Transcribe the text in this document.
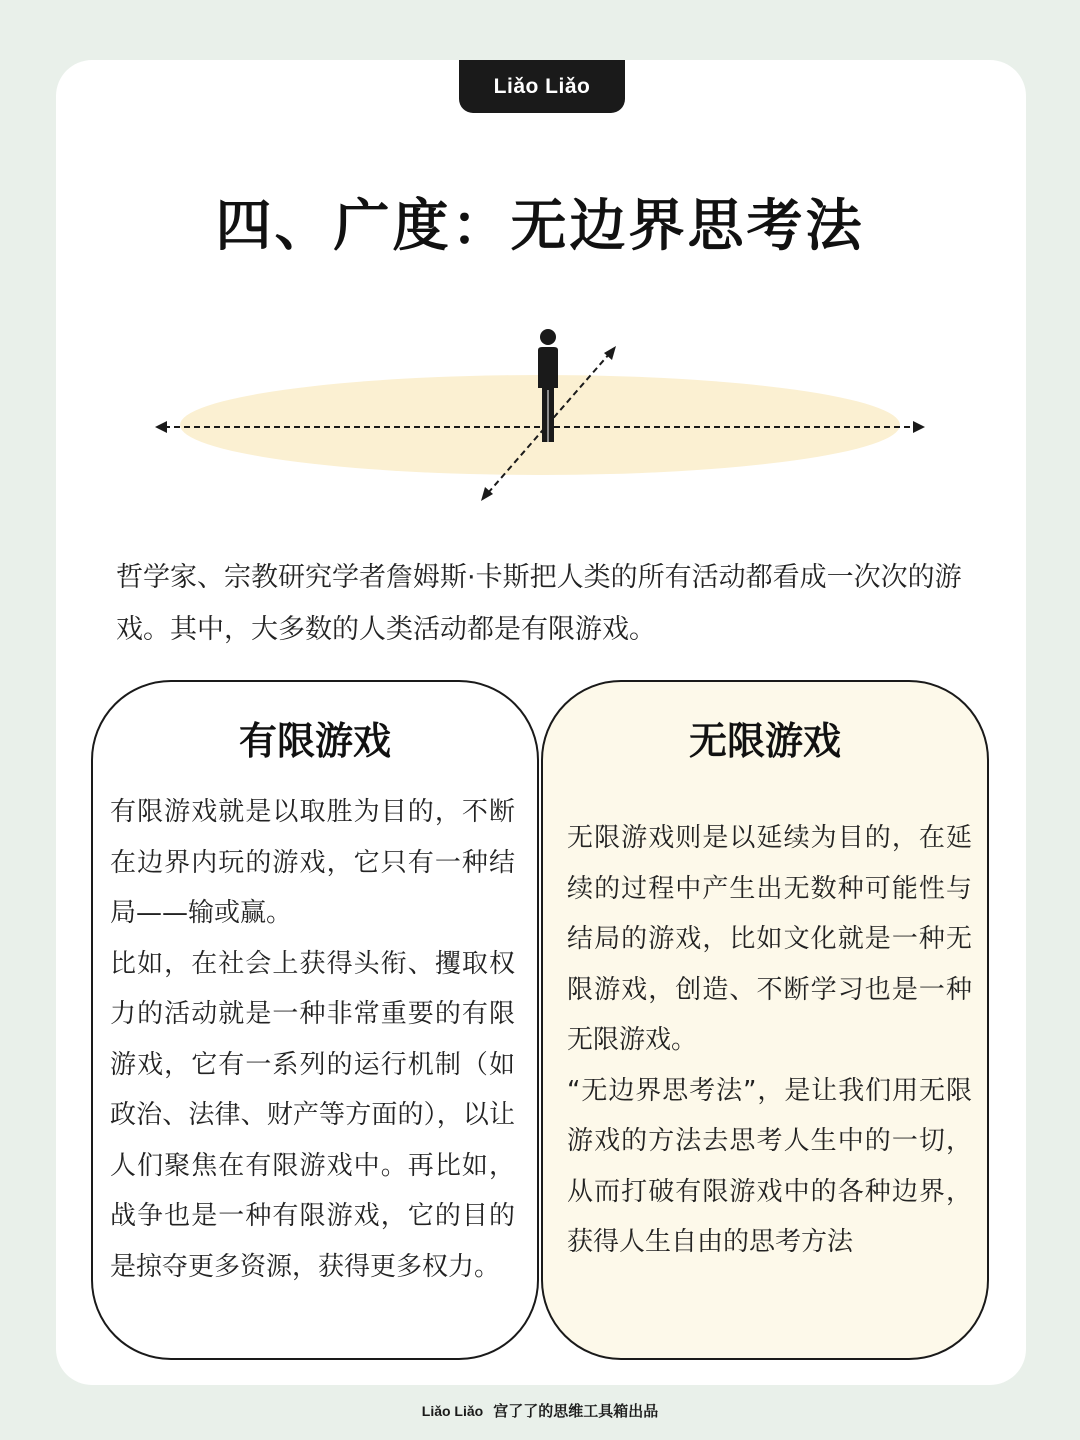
Liǎo Liǎo
四、广度：无边界思考法

哲学家、宗教研究学者詹姆斯·卡斯把人类的所有活动都看成一次次的游戏。其中，大多数的人类活动都是有限游戏。

有限游戏

有限游戏就是以取胜为目的，不断在边界内玩的游戏，它只有一种结局——输或赢。

比如，在社会上获得头衔、攫取权力的活动就是一种非常重要的有限游戏，它有一系列的运行机制（如政治、法律、财产等方面的），以让人们聚焦在有限游戏中。再比如，战争也是一种有限游戏，它的目的是掠夺更多资源，获得更多权力。

无限游戏

无限游戏则是以延续为目的，在延续的过程中产生出无数种可能性与结局的游戏，比如文化就是一种无限游戏，创造、不断学习也是一种无限游戏。

“无边界思考法”，是让我们用无限游戏的方法去思考人生中的一切，从而打破有限游戏中的各种边界，获得人生自由的思考方法

Liǎo Liǎo 宫了了的思维工具箱出品
